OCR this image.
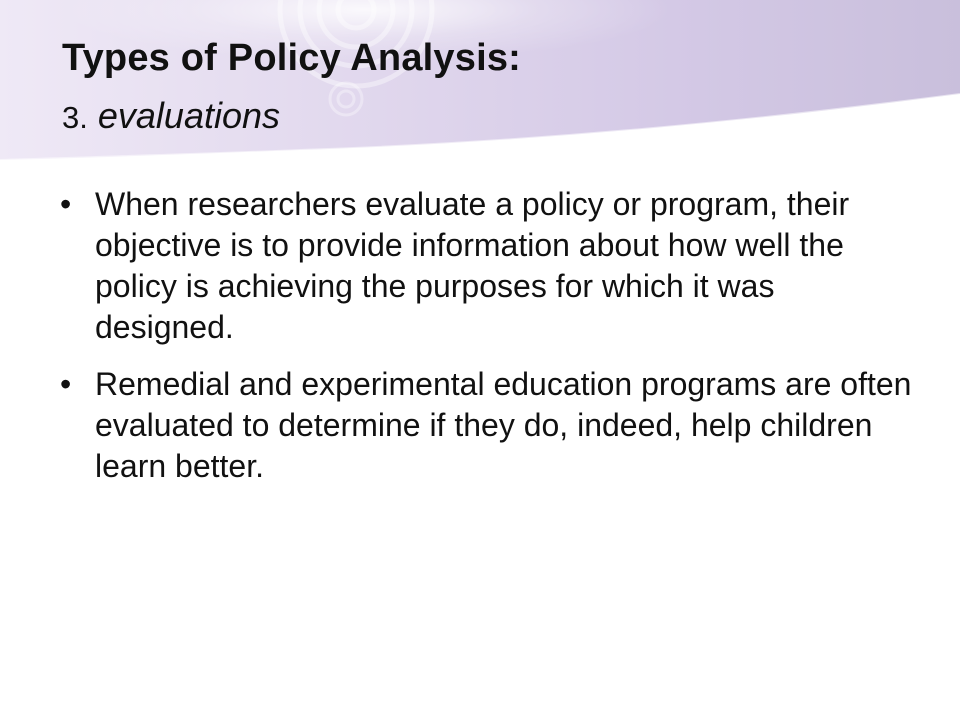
Types of Policy Analysis:
3. evaluations
• When researchers evaluate a policy or program, their objective is to provide information about how well the policy is achieving the purposes for which it was designed.
• Remedial and experimental education programs are often evaluated to determine if they do, indeed, help children learn better.
